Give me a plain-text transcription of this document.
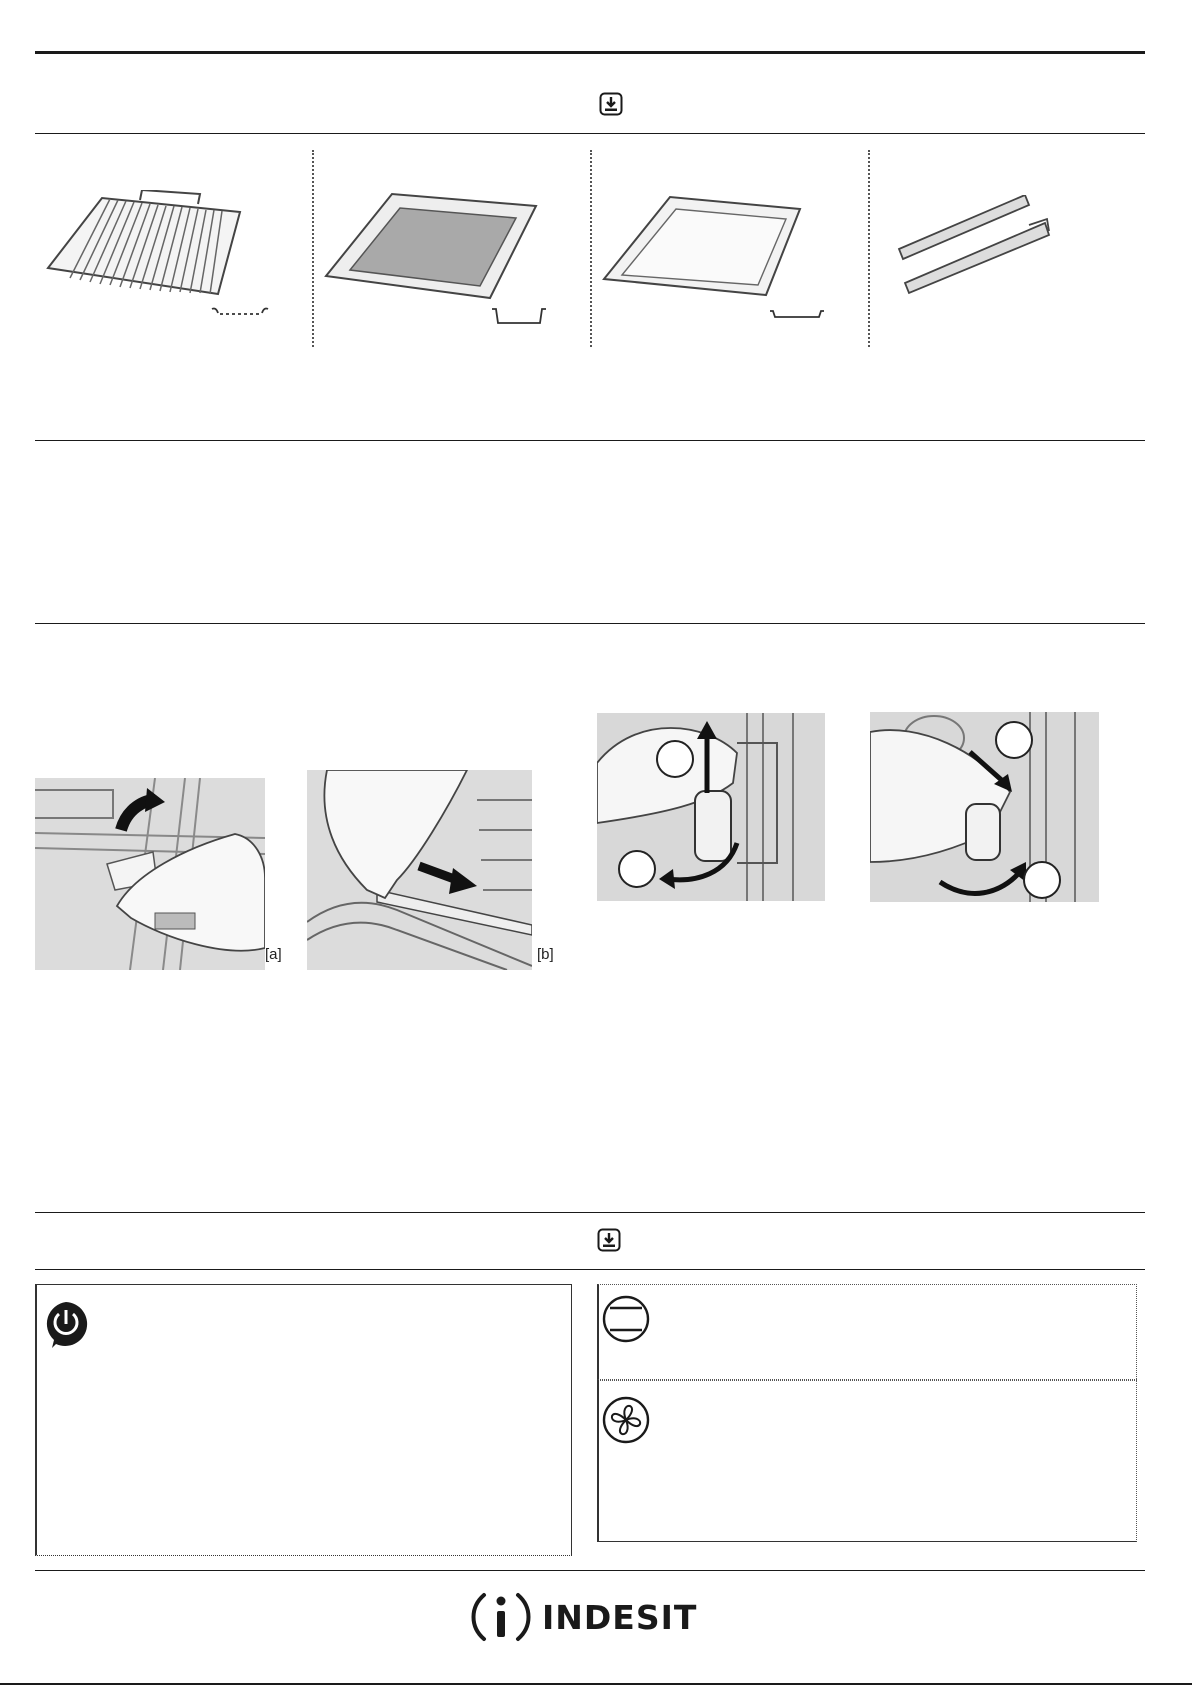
[a]	[b]
INDESIT
